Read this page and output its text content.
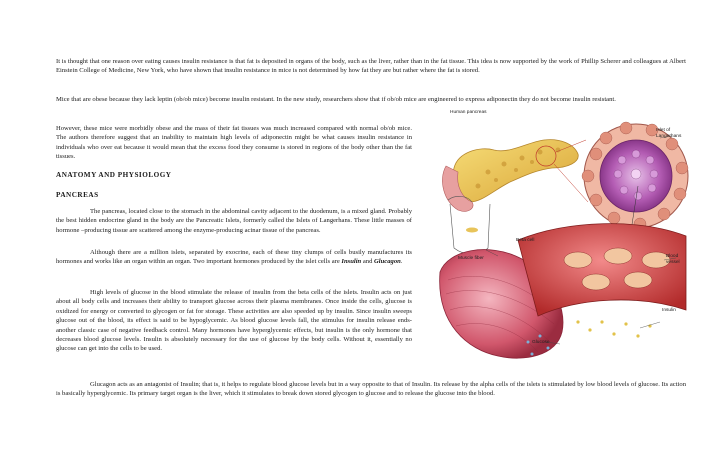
It is thought that one reason over eating causes insulin resistance is that fat is deposited in organs of the body, such as the liver, rather than in the fat tissue. This idea is now supported by the work of Phillip Scherer and colleagues at Albert Einstein College of Medicine, New York, who have shown that insulin resistance in mice is not determined by how fat they are but rather where the fat is stored.

Mice that are obese because they lack leptin (ob/ob mice) become insulin resistant. In the new study, researchers show that if ob/ob mice are engineered to express adiponectin they do not become insulin resistant.

However, these mice were morbidly obese and the mass of their fat tissues was much increased compared with normal ob/ob mice. The authors therefore suggest that an inability to maintain high levels of adiponectin might be what causes insulin resistance in individuals who over eat because it would mean that the excess food they consume is stored in regions of the body other than the fat tissues.

ANATOMY AND PHYSIOLOGY

PANCREAS

The pancreas, located close to the stomach in the abdominal cavity adjacent to the duodenum, is a mixed gland. Probably the best hidden endocrine gland in the body are the Pancreatic Islets, formerly called the Islets of Langerhans. These little masses of hormone –producing tissue are scattered among the enzyme-producing acinar tissue of the pancreas.

Although there are a million islets, separated by exocrine, each of these tiny clumps of cells busily manufactures its hormones and works like an organ within an organ. Two important hormones produced by the islet cells are Insulin and Glucagon.

High levels of glucose in the blood stimulate the release of insulin from the beta cells of the islets. Insulin acts on just about all body cells and increases their ability to transport glucose across their plasma membranes. Once inside the cells, glucose is oxidized for energy or converted to glycogen or fat for storage. These activities are also speeded up by insulin. Since insulin sweeps glucose out of the blood, its effect is said to be hypoglycemic. As blood glucose levels fall, the stimulus for insulin release ends-another classic case of negative feedback control. Many hormones have hyperglycemic effects, but insulin is the only hormone that decreases blood glucose levels. Insulin is absolutely necessary for the use of glucose by the body cells. Without it, essentially no glucose can get into the cells to be used.

Glucagon acts as an antagonist of Insulin; that is, it helps to regulate blood glucose levels but in a way opposite to that of Insulin. Its release by the alpha cells of the islets is stimulated by low blood levels of glucose. Its action is basically hyperglycemic. Its primary target organ is the liver, which it stimulates to break down stored glycogen to glucose and to release the glucose into the blood.

Human pancreas
Islet of
Langerhans
Beta cell
Muscle fiber	Blood
vessel
Insulin
Glucose
